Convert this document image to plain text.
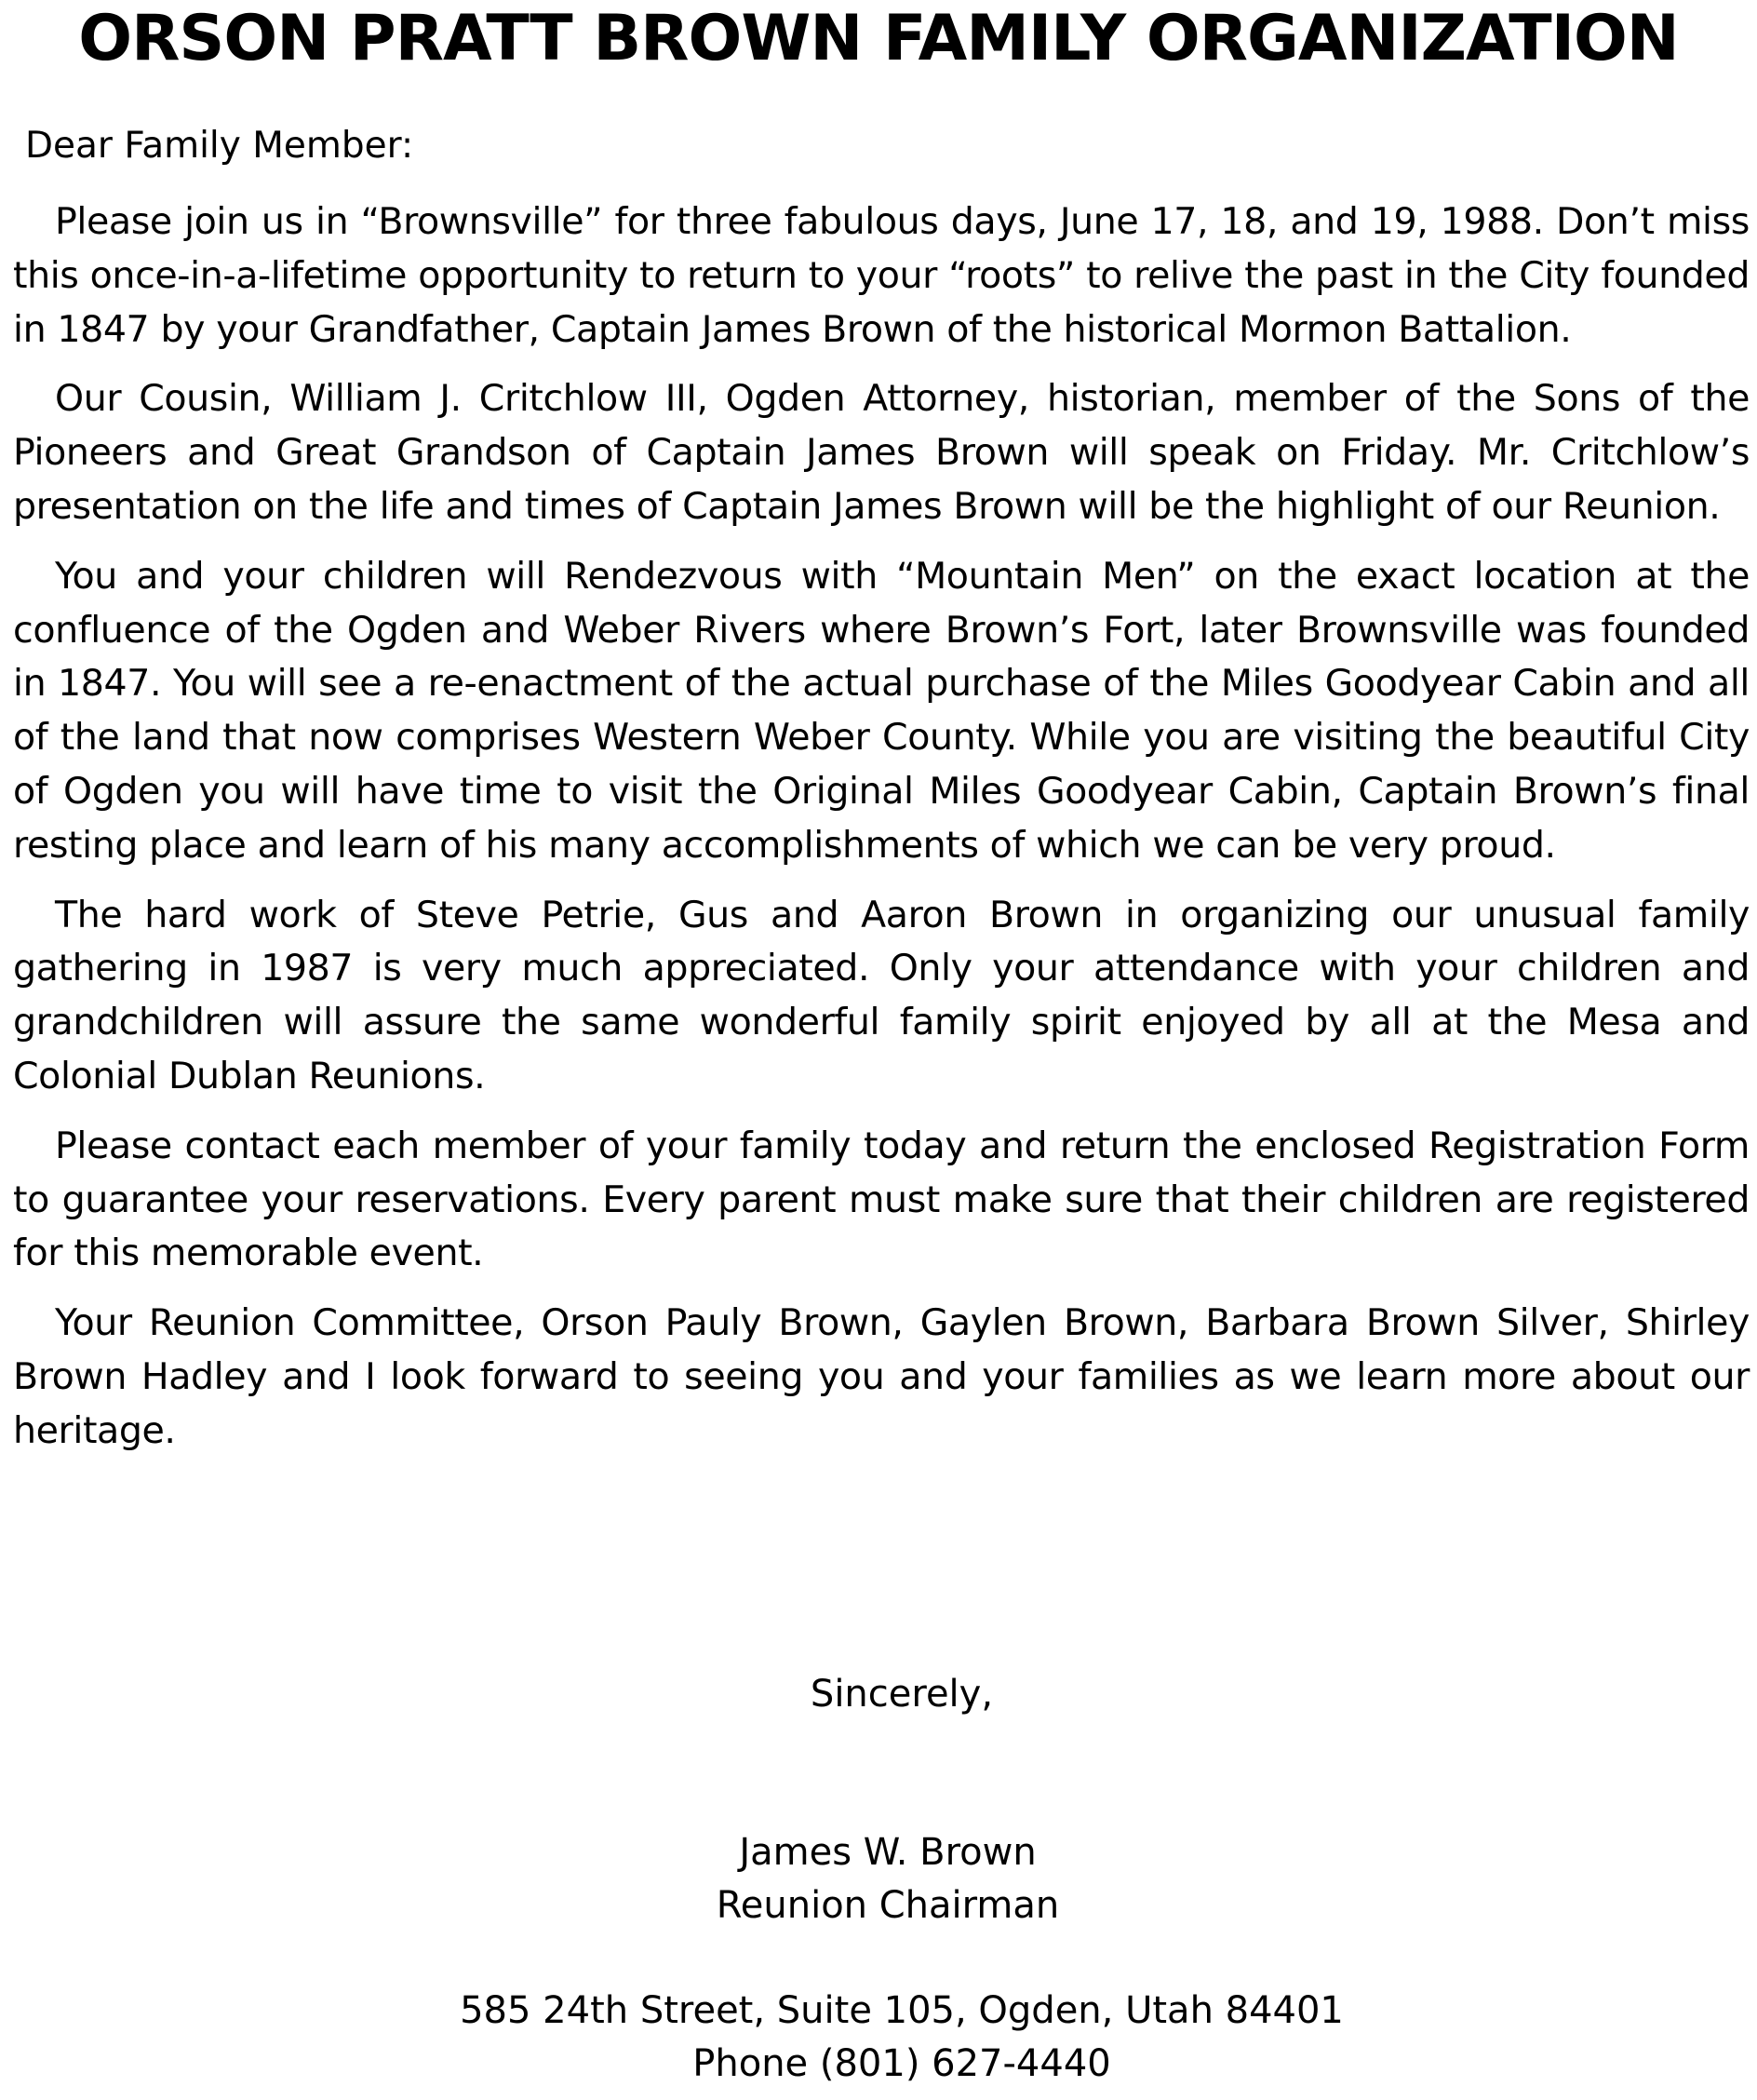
ORSON PRATT BROWN FAMILY ORGANIZATION
Dear Family Member:

Please join us in “Brownsville” for three fabulous days, June 17, 18, and 19, 1988. Don’t miss this once-in-a-lifetime opportunity to return to your “roots” to relive the past in the City founded in 1847 by your Grandfather, Captain James Brown of the historical Mormon Battalion.

Our Cousin, William J. Critchlow III, Ogden Attorney, historian, member of the Sons of the Pioneers and Great Grandson of Captain James Brown will speak on Friday. Mr. Critchlow’s presentation on the life and times of Captain James Brown will be the highlight of our Reunion.

You and your children will Rendezvous with “Mountain Men” on the exact location at the confluence of the Ogden and Weber Rivers where Brown’s Fort, later Brownsville was founded in 1847. You will see a re-enactment of the actual purchase of the Miles Goodyear Cabin and all of the land that now comprises Western Weber County. While you are visiting the beautiful City of Ogden you will have time to visit the Original Miles Goodyear Cabin, Captain Brown’s final resting place and learn of his many accomplishments of which we can be very proud.

The hard work of Steve Petrie, Gus and Aaron Brown in organizing our unusual family gathering in 1987 is very much appreciated. Only your attendance with your children and grandchildren will assure the same wonderful family spirit enjoyed by all at the Mesa and Colonial Dublan Reunions.

Please contact each member of your family today and return the enclosed Registration Form to guarantee your reservations. Every parent must make sure that their children are registered for this memorable event.

Your Reunion Committee, Orson Pauly Brown, Gaylen Brown, Barbara Brown Silver, Shirley Brown Hadley and I look forward to seeing you and your families as we learn more about our heritage.

Sincerely,
James W. Brown
Reunion Chairman
585 24th Street, Suite 105, Ogden, Utah 84401
Phone (801) 627-4440
